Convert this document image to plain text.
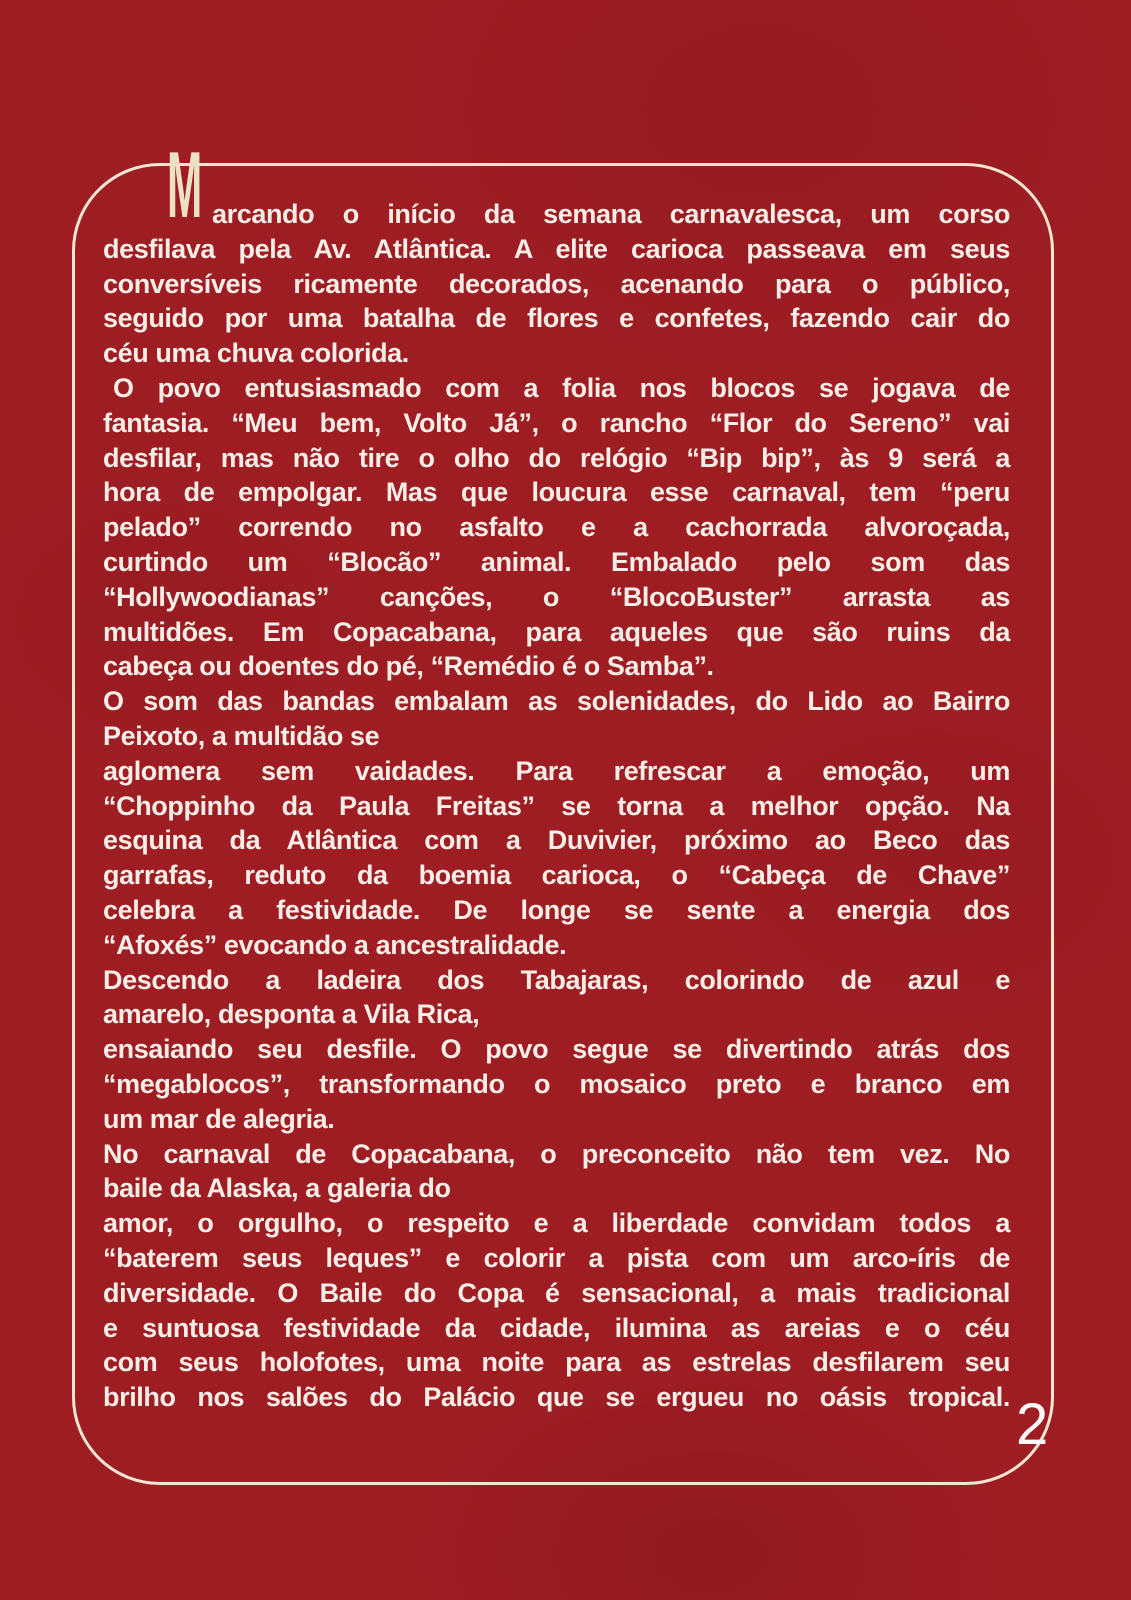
M arcando o início da semana carnavalesca, um corso
desfilava pela Av. Atlântica. A elite carioca passeava em seus
conversíveis ricamente decorados, acenando para o público,
seguido por uma batalha de flores e confetes, fazendo cair do
céu uma chuva colorida.
O povo entusiasmado com a folia nos blocos se jogava de
fantasia. “Meu bem, Volto Já”, o rancho “Flor do Sereno” vai
desfilar, mas não tire o olho do relógio “Bip bip”, às 9 será a
hora de empolgar. Mas que loucura esse carnaval, tem “peru
pelado” correndo no asfalto e a cachorrada alvoroçada,
curtindo um “Blocão” animal. Embalado pelo som das
“Hollywoodianas” canções, o “BlocoBuster” arrasta as
multidões. Em Copacabana, para aqueles que são ruins da
cabeça ou doentes do pé, “Remédio é o Samba”.
O som das bandas embalam as solenidades, do Lido ao Bairro
Peixoto, a multidão se
aglomera sem vaidades. Para refrescar a emoção, um
“Choppinho da Paula Freitas” se torna a melhor opção. Na
esquina da Atlântica com a Duvivier, próximo ao Beco das
garrafas, reduto da boemia carioca, o “Cabeça de Chave”
celebra a festividade. De longe se sente a energia dos
“Afoxés” evocando a ancestralidade.
Descendo a ladeira dos Tabajaras, colorindo de azul e
amarelo, desponta a Vila Rica,
ensaiando seu desfile. O povo segue se divertindo atrás dos
“megablocos”, transformando o mosaico preto e branco em
um mar de alegria.
No carnaval de Copacabana, o preconceito não tem vez. No
baile da Alaska, a galeria do
amor, o orgulho, o respeito e a liberdade convidam todos a
“baterem seus leques” e colorir a pista com um arco-íris de
diversidade. O Baile do Copa é sensacional, a mais tradicional
e suntuosa festividade da cidade, ilumina as areias e o céu
com seus holofotes, uma noite para as estrelas desfilarem seu
brilho nos salões do Palácio que se ergueu no oásis tropical. 2
